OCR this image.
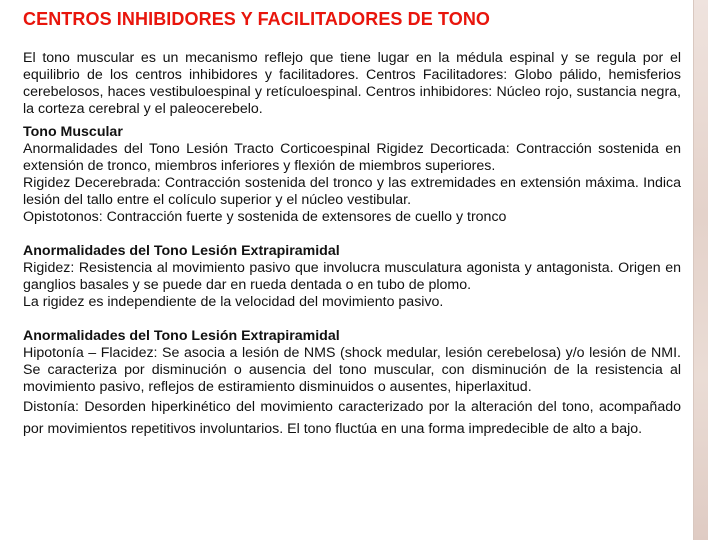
CENTROS INHIBIDORES Y FACILITADORES DE TONO

El tono muscular es un mecanismo reflejo que tiene lugar en la médula espinal y se regula por el equilibrio de los centros inhibidores y facilitadores. Centros Facilitadores: Globo pálido, hemisferios cerebelosos, haces vestibuloespinal y retículoespinal. Centros inhibidores: Núcleo rojo, sustancia negra, la corteza cerebral y el paleocerebelo.

Tono Muscular

Anormalidades del Tono Lesión Tracto Corticoespinal Rigidez Decorticada: Contracción sostenida en extensión de tronco, miembros inferiores y flexión de miembros superiores.

Rigidez Decerebrada: Contracción sostenida del tronco y las extremidades en extensión máxima. Indica lesión del tallo entre el colículo superior y el núcleo vestibular.

Opistotonos: Contracción fuerte y sostenida de extensores de cuello y tronco

Anormalidades del Tono Lesión Extrapiramidal

Rigidez: Resistencia al movimiento pasivo que involucra musculatura agonista y antagonista. Origen en ganglios basales y se puede dar en rueda dentada o en tubo de plomo.

La rigidez es independiente de la velocidad del movimiento pasivo.

Anormalidades del Tono Lesión Extrapiramidal

Hipotonía – Flacidez: Se asocia a lesión de NMS (shock medular, lesión cerebelosa) y/o lesión de NMI. Se caracteriza por disminución o ausencia del tono muscular, con disminución de la resistencia al movimiento pasivo, reflejos de estiramiento disminuidos o ausentes, hiperlaxitud.

Distonía: Desorden hiperkinético del movimiento caracterizado por la alteración del tono, acompañado por movimientos repetitivos involuntarios. El tono fluctúa en una forma impredecible de alto a bajo.
